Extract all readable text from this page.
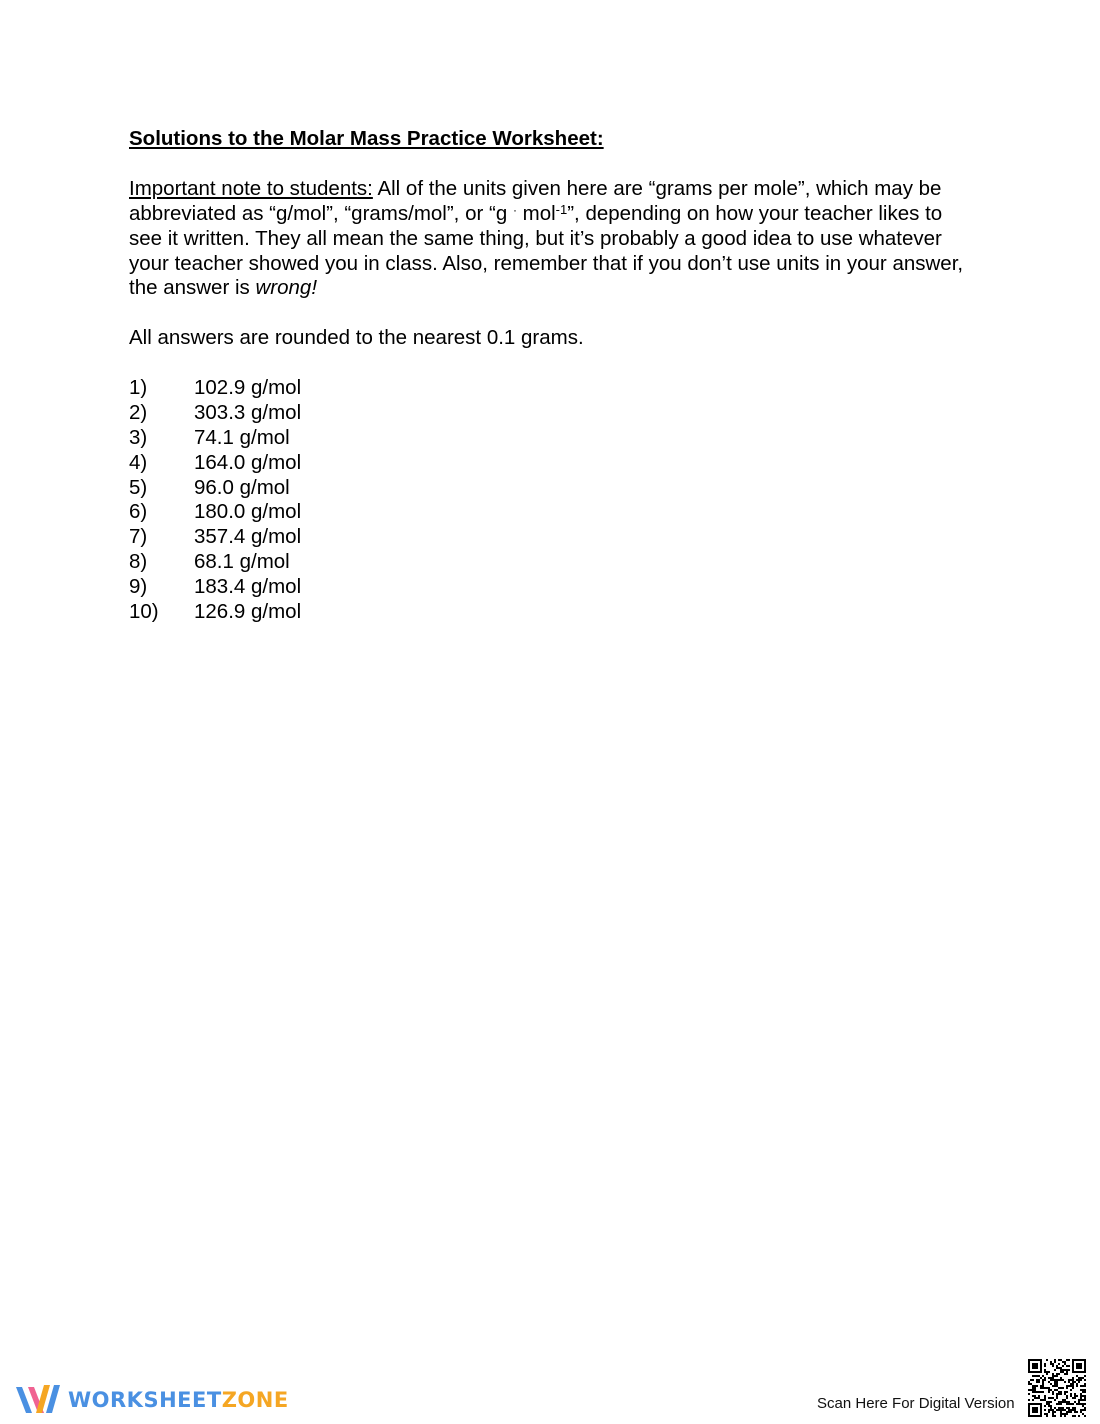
Solutions to the Molar Mass Practice Worksheet:

Important note to students: All of the units given here are “grams per mole”, which may be abbreviated as “g/mol”, “grams/mol”, or “g · mol$^{-1}$”, depending on how your teacher likes to see it written. They all mean the same thing, but it’s probably a good idea to use whatever your teacher showed you in class. Also, remember that if you don’t use units in your answer, the answer is wrong!

All answers are rounded to the nearest 0.1 grams.

1)	102.9 g/mol
2)	303.3 g/mol
3)	74.1 g/mol
4)	164.0 g/mol
5)	96.0 g/mol
6)	180.0 g/mol
7)	357.4 g/mol
8)	68.1 g/mol
9)	183.4 g/mol
10)	126.9 g/mol
WORKSHEETZONE	Scan Here For Digital Version
